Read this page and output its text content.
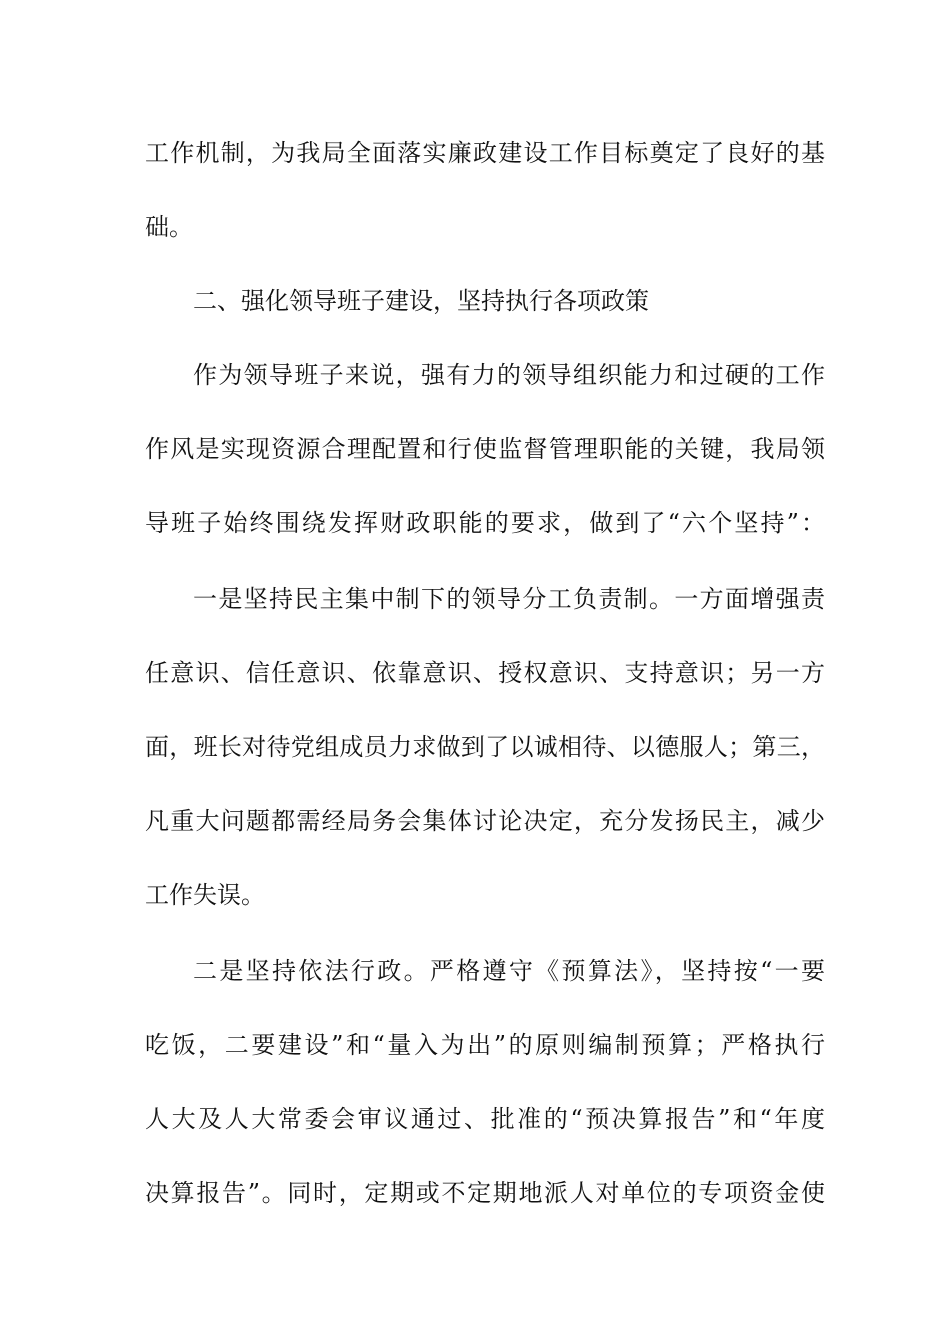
工作机制，为我局全面落实廉政建设工作目标奠定了良好的基
础。
二、强化领导班子建设，坚持执行各项政策
作为领导班子来说，强有力的领导组织能力和过硬的工作
作风是实现资源合理配置和行使监督管理职能的关键，我局领
导班子始终围绕发挥财政职能的要求，做到了“六个坚持”：
一是坚持民主集中制下的领导分工负责制。一方面增强责
任意识、信任意识、依靠意识、授权意识、支持意识；另一方
面，班长对待党组成员力求做到了以诚相待、以德服人；第三，
凡重大问题都需经局务会集体讨论决定，充分发扬民主，减少
工作失误。
二是坚持依法行政。严格遵守《预算法》，坚持按“一要
吃饭，二要建设”和“量入为出”的原则编制预算；严格执行
人大及人大常委会审议通过、批准的“预决算报告”和“年度
决算报告”。同时，定期或不定期地派人对单位的专项资金使
